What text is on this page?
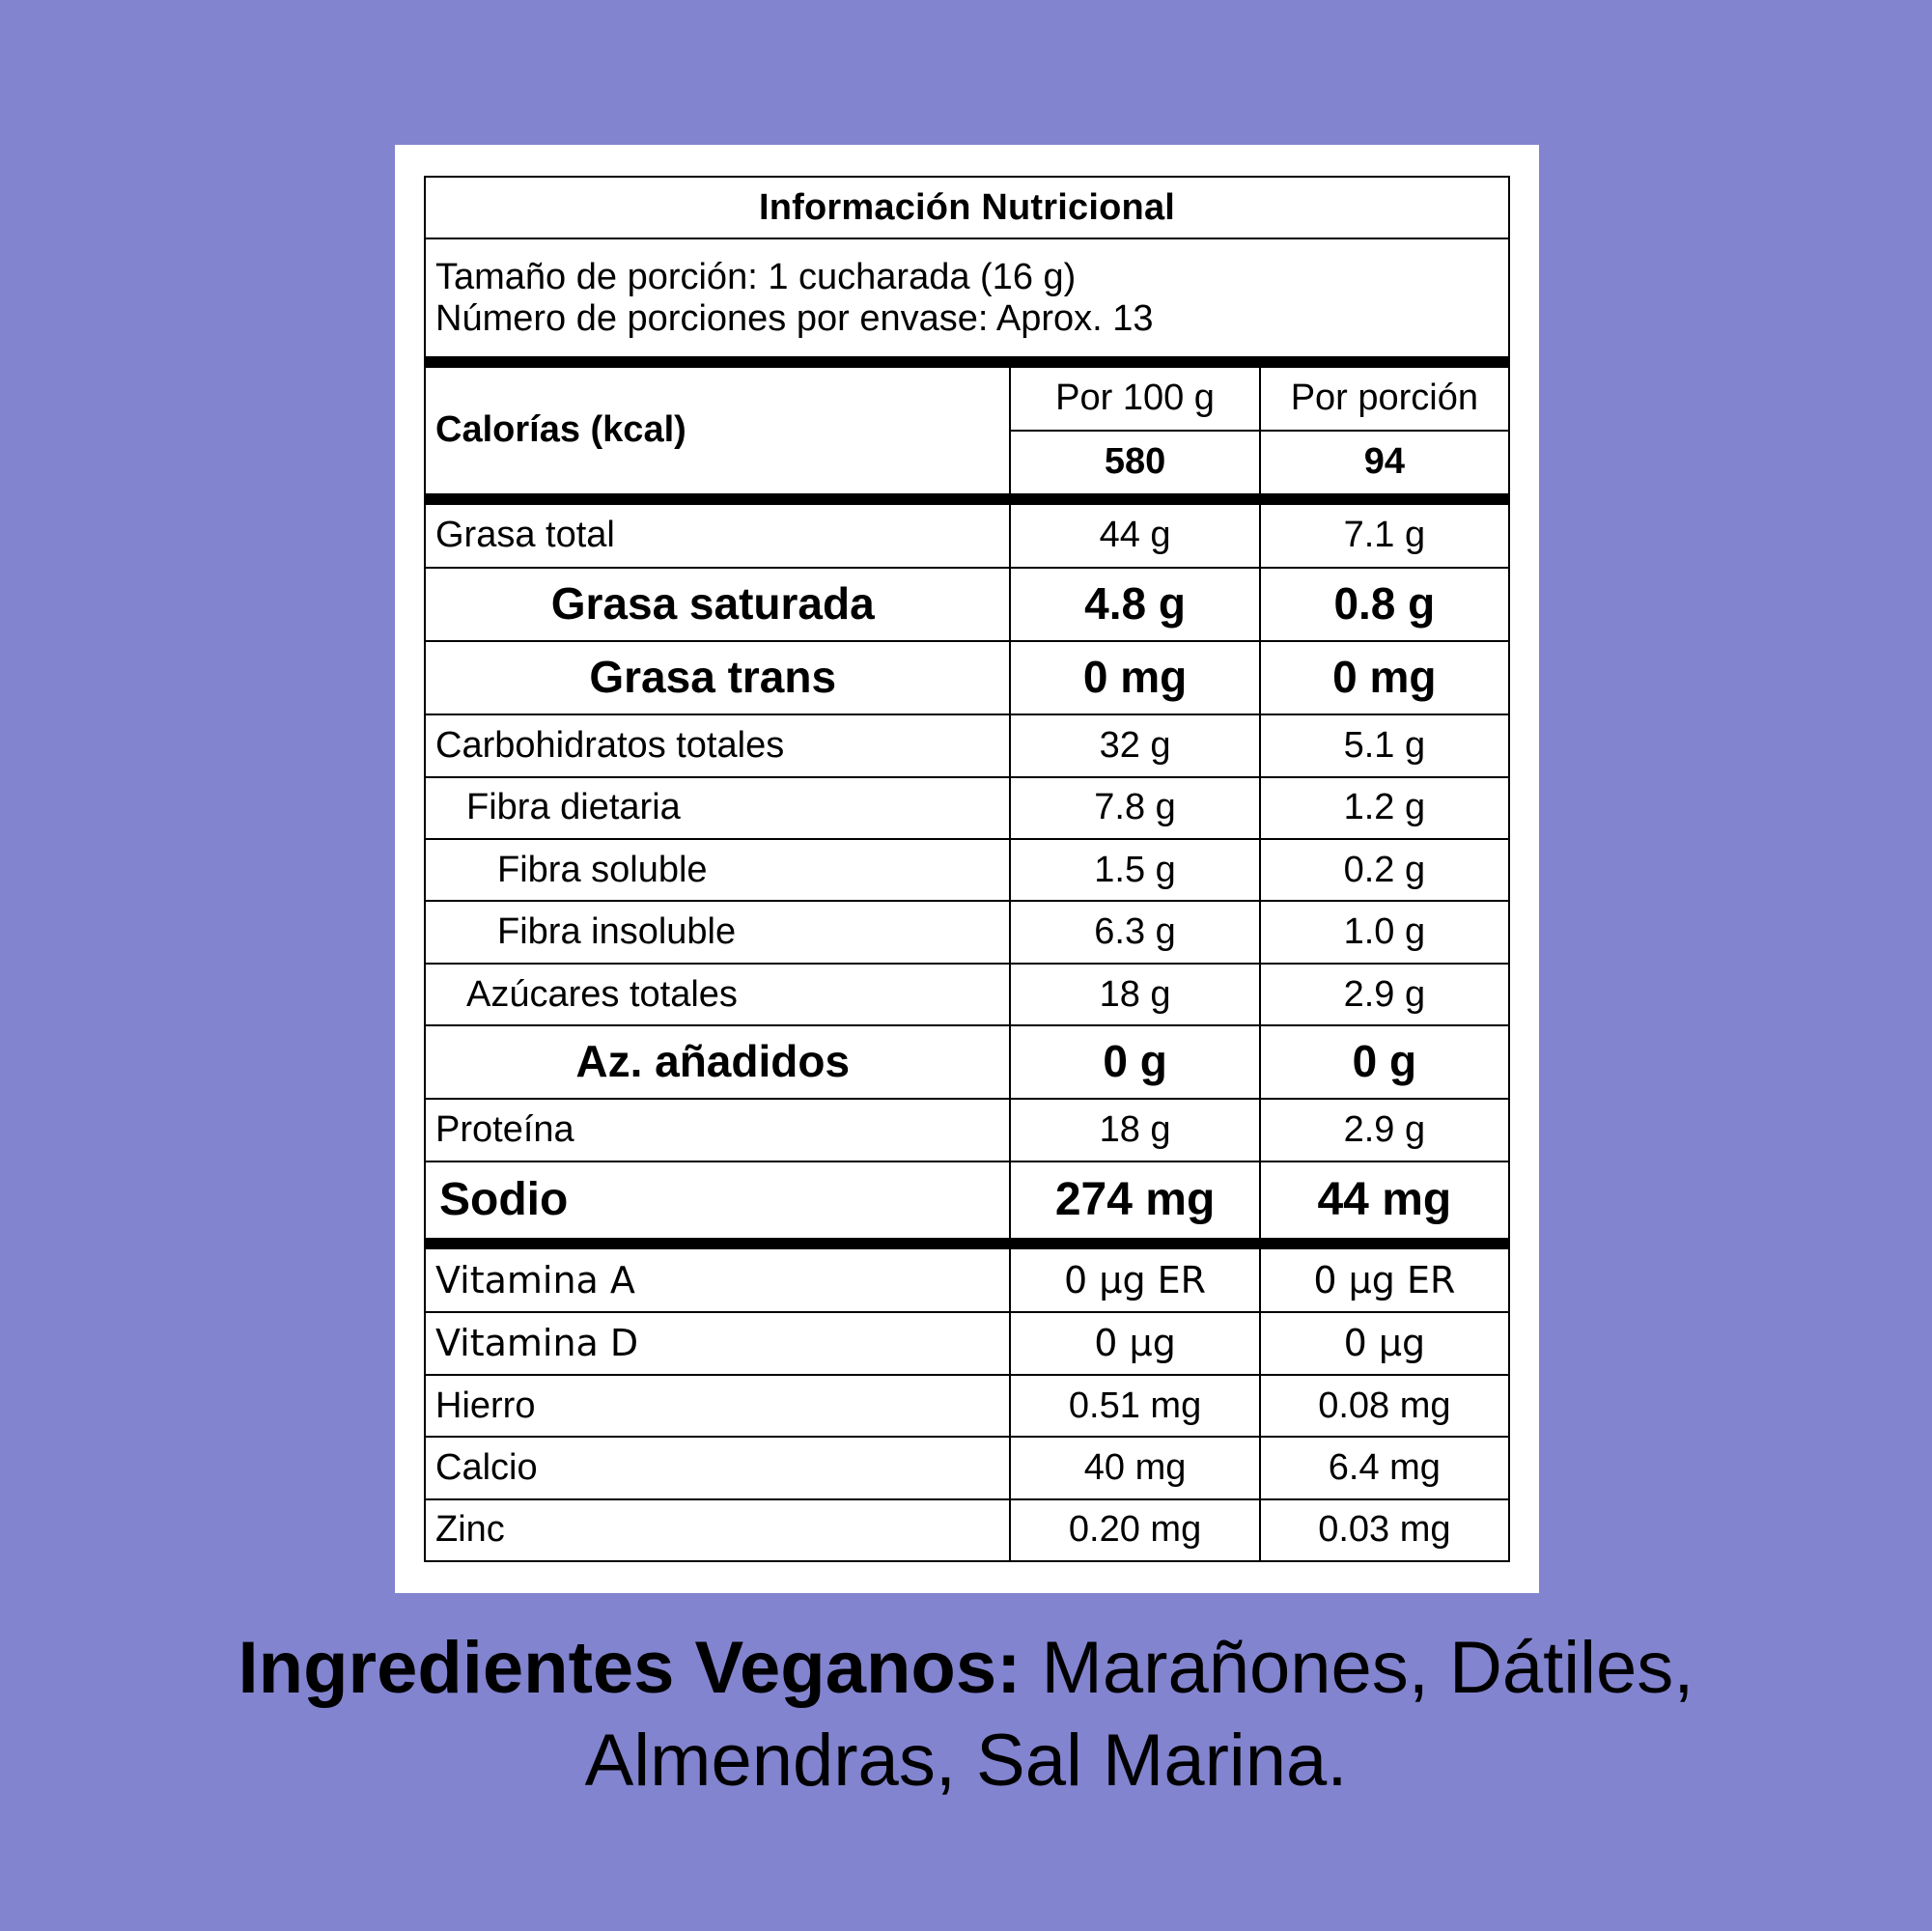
Información Nutricional		

Tamaño de porción: 1 cucharada (16 g)
Número de porciones por envase: Aprox. 13		

Calorías (kcal)	Por 100 g	Por porción
	580	94
Grasa total	44 g	7.1 g
Grasa saturada	4.8 g	0.8 g
Grasa trans	0 mg	0 mg
Carbohidratos totales	32 g	5.1 g
Fibra dietaria	7.8 g	1.2 g
Fibra soluble	1.5 g	0.2 g
Fibra insoluble	6.3 g	1.0 g
Azúcares totales	18 g	2.9 g
Az. añadidos	0 g	0 g
Proteína	18 g	2.9 g
Sodio	274 mg	44 mg
Vitamina A	0 µg ER	0 µg ER
Vitamina D	0 µg	0 µg
Hierro	0.51 mg	0.08 mg
Calcio	40 mg	6.4 mg
Zinc	0.20 mg	0.03 mg
Ingredientes Veganos: Marañones, Dátiles, Almendras, Sal Marina.
